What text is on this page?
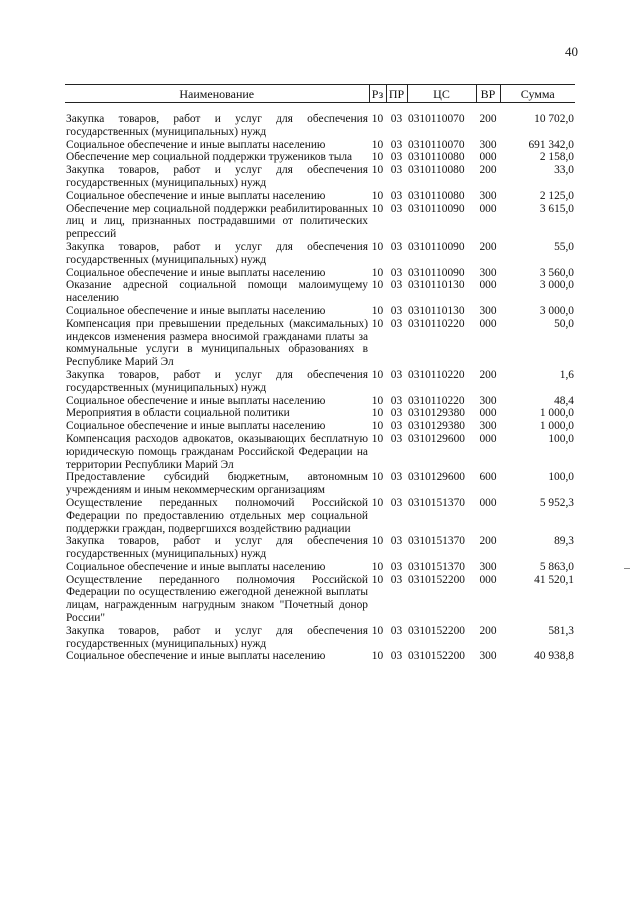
40
Наименование	Рз	ПР	ЦС	ВР	Сумма

Закупка товаров, работ и услуг для обеспечения государственных (муниципальных) нужд	10	03	0310110070	200	10 702,0
Социальное обеспечение и иные выплаты населению	10	03	0310110070	300	691 342,0
Обеспечение мер социальной поддержки тружеников тыла	10	03	0310110080	000	2 158,0
Закупка товаров, работ и услуг для обеспечения государственных (муниципальных) нужд	10	03	0310110080	200	33,0
Социальное обеспечение и иные выплаты населению	10	03	0310110080	300	2 125,0
Обеспечение мер социальной поддержки реабилитированных лиц и лиц, признанных пострадавшими от политических репрессий	10	03	0310110090	000	3 615,0
Закупка товаров, работ и услуг для обеспечения государственных (муниципальных) нужд	10	03	0310110090	200	55,0
Социальное обеспечение и иные выплаты населению	10	03	0310110090	300	3 560,0
Оказание адресной социальной помощи малоимущему населению	10	03	0310110130	000	3 000,0
Социальное обеспечение и иные выплаты населению	10	03	0310110130	300	3 000,0
Компенсация при превышении предельных (максимальных) индексов изменения размера вносимой гражданами платы за коммунальные услуги в муниципальных образованиях в Республике Марий Эл	10	03	0310110220	000	50,0
Закупка товаров, работ и услуг для обеспечения государственных (муниципальных) нужд	10	03	0310110220	200	1,6
Социальное обеспечение и иные выплаты населению	10	03	0310110220	300	48,4
Мероприятия в области социальной политики	10	03	0310129380	000	1 000,0
Социальное обеспечение и иные выплаты населению	10	03	0310129380	300	1 000,0
Компенсация расходов адвокатов, оказывающих бесплатную юридическую помощь гражданам Российской Федерации на территории Республики Марий Эл	10	03	0310129600	000	100,0
Предоставление субсидий бюджетным, автономным учреждениям и иным некоммерческим организациям	10	03	0310129600	600	100,0
Осуществление переданных полномочий Российской Федерации по предоставлению отдельных мер социальной поддержки граждан, подвергшихся воздействию радиации	10	03	0310151370	000	5 952,3
Закупка товаров, работ и услуг для обеспечения государственных (муниципальных) нужд	10	03	0310151370	200	89,3
Социальное обеспечение и иные выплаты населению	10	03	0310151370	300	5 863,0
Осуществление переданного полномочия Российской Федерации по осуществлению ежегодной денежной выплаты лицам, награжденным нагрудным знаком "Почетный донор России"	10	03	0310152200	000	41 520,1
Закупка товаров, работ и услуг для обеспечения государственных (муниципальных) нужд	10	03	0310152200	200	581,3
Социальное обеспечение и иные выплаты населению	10	03	0310152200	300	40 938,8
